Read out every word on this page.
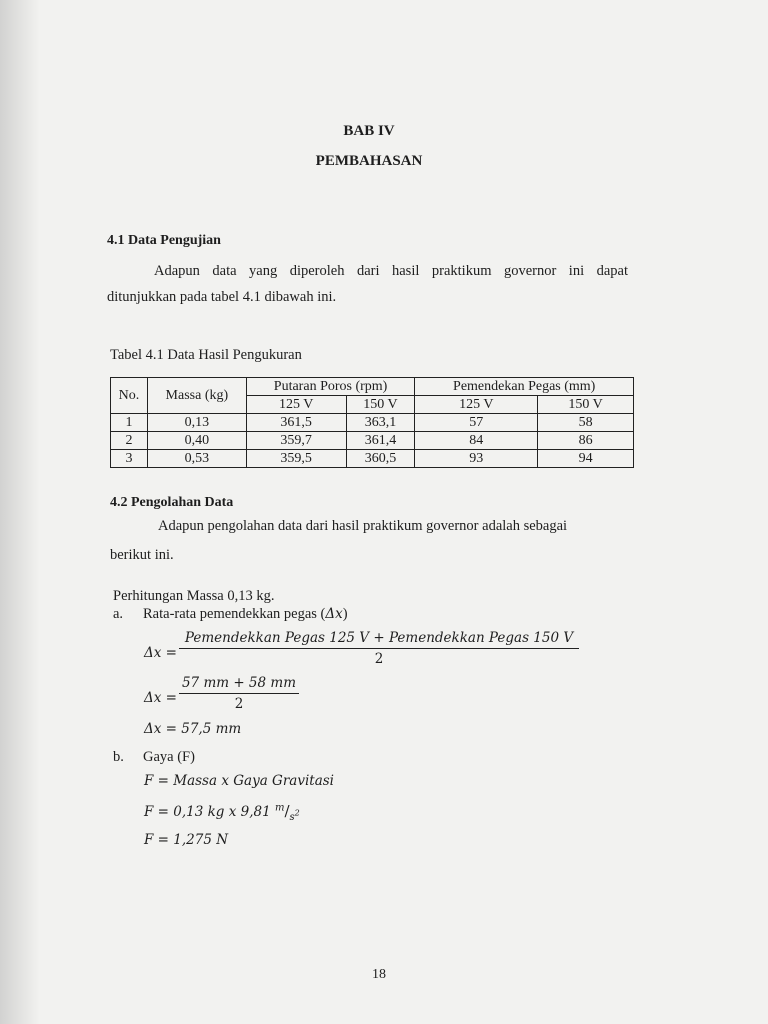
BAB IV
PEMBAHASAN
4.1 Data Pengujian
Adapun data yang diperoleh dari hasil praktikum governor ini dapat
ditunjukkan pada tabel 4.1 dibawah ini.
Tabel 4.1 Data Hasil Pengukuran
No.	Massa (kg)	Putaran Poros (rpm)		Pemendekan Pegas (mm)	
		125 V	150 V	125 V	150 V
1	0,13	361,5	363,1	57	58
2	0,40	359,7	361,4	84	86
3	0,53	359,5	360,5	93	94
4.2 Pengolahan Data
Adapun pengolahan data dari hasil praktikum governor adalah sebagai
berikut ini.
Perhitungan Massa 0,13 kg.
a. Rata-rata pemendekkan pegas (Δx)
Δx =
Pemendekkan Pegas 125 V + Pemendekkan Pegas 150 V
2
$\Delta x = \frac{57 mm + 58 mm}{2}$
Δx = 57,5 mm
b. Gaya (F)
F = Massa x Gaya Gravitasi
F = 0,13 kg x 9,81 $^m/_{s^2}$
F = 1,275 N
18
